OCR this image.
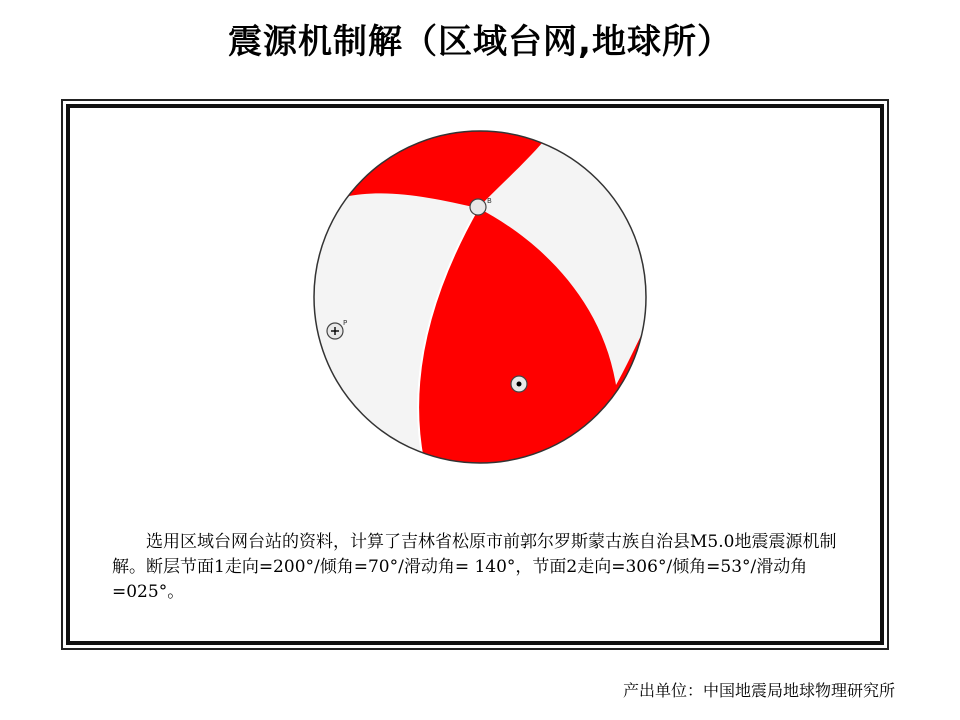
震源机制解（区域台网,地球所）
B
P
T
选用区域台网台站的资料，计算了吉林省松原市前郭尔罗斯蒙古族自治县M5.0地震震源机制解。断层节面1走向=200°/倾角=70°/滑动角= 140°，节面2走向=306°/倾角=53°/滑动角=025°。
产出单位：中国地震局地球物理研究所
